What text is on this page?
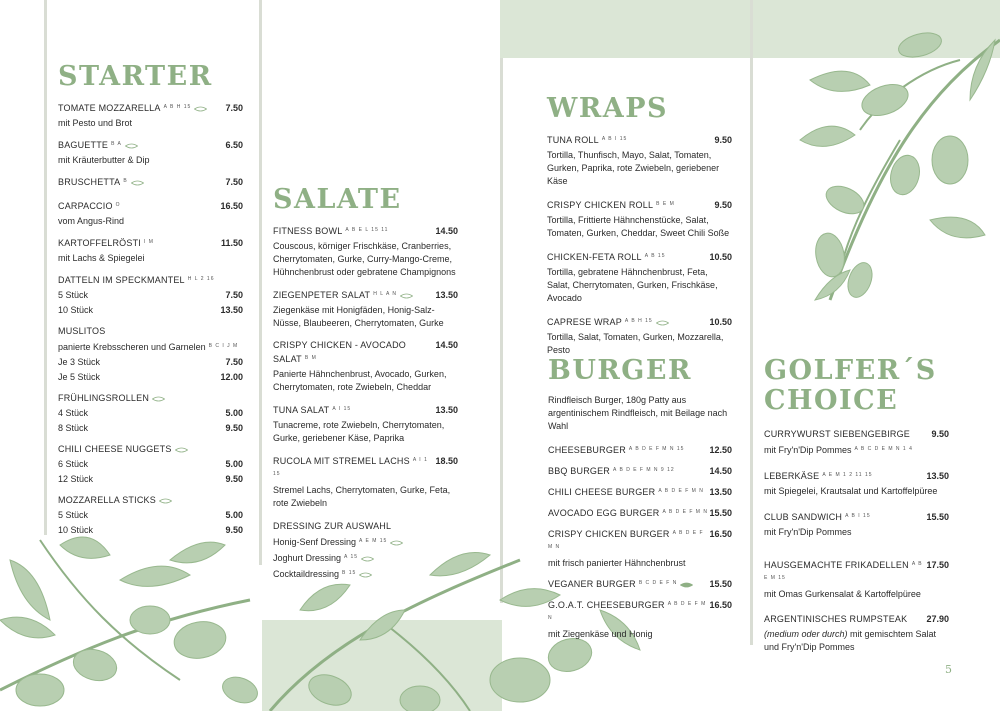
STARTER
TOMATE MOZZARELLA $^{A B H 15}$	7.50
mit Pesto und Brot
BAGUETTE $^{B A}$	6.50
mit Kräuterbutter & Dip
BRUSCHETTA $^B$	7.50
CARPACCIO $^O$	16.50
vom Angus-Rind
KARTOFFELRÖSTI $^{I M}$	11.50
mit Lachs & Spiegelei
DATTELN IM SPECKMANTEL $^{H L 2 16}$
5 Stück	7.50
10 Stück	13.50
MUSLITOS
panierte Krebsscheren und Garnelen $^{B C I J M}$
Je 3 Stück	7.50
Je 5 Stück	12.00
FRÜHLINGSROLLEN
4 Stück	5.00
8 Stück	9.50
CHILI CHEESE NUGGETS
6 Stück	5.00
12 Stück	9.50
MOZZARELLA STICKS
5 Stück	5.00
10 Stück	9.50
SALATE
FITNESS BOWL $^{A B E L 15 11}$	14.50
Couscous, körniger Frischkäse, Cranberries, Cherrytomaten, Gurke, Curry-Mango-Creme, Hühnchenbrust oder gebratene Champignons
ZIEGENPETER SALAT $^{H L A N}$	13.50
Ziegenkäse mit Honigfäden, Honig-Salz-Nüsse, Blaubeeren, Cherrytomaten, Gurke
CRISPY CHICKEN - AVOCADO SALAT $^{B M}$
14.50
Panierte Hähnchenbrust, Avocado, Gurken, Cherrytomaten, rote Zwiebeln, Cheddar
TUNA SALAT $^{A I 15}$	13.50
Tunacreme, rote Zwiebeln, Cherrytomaten, Gurke, geriebener Käse, Paprika
RUCOLA MIT STREMEL LACHS $^{A I 1 15}$
18.50
Stremel Lachs, Cherrytomaten, Gurke, Feta, rote Zwiebeln
DRESSING ZUR AUSWAHL
Honig-Senf Dressing $^{A E M 15}$
Joghurt Dressing $^{A 15}$
Cocktaildressing $^{B 15}$
WRAPS
TUNA ROLL $^{A B I 15}$	9.50
Tortilla, Thunfisch, Mayo, Salat, Tomaten, Gurken, Paprika, rote Zwiebeln, geriebener Käse
CRISPY CHICKEN ROLL $^{B E M}$	9.50
Tortilla, Frittierte Hähnchenstücke, Salat, Tomaten, Gurken, Cheddar, Sweet Chili Soße
CHICKEN-FETA ROLL $^{A B 15}$	10.50
Tortilla, gebratene Hähnchenbrust, Feta, Salat, Cherrytomaten, Gurken, Frischkäse, Avocado
CAPRESE WRAP $^{A B H 15}$	10.50
Tortilla, Salat, Tomaten, Gurken, Mozzarella, Pesto
BURGER
Rindfleisch Burger, 180g Patty aus argentinischem Rindfleisch, mit Beilage nach Wahl
CHEESEBURGER $^{A B D E F M N 15}$	12.50
BBQ BURGER $^{A B D E F M N 9 12}$	14.50
CHILI CHEESE BURGER $^{A B D E F M N}$ 13.50
AVOCADO EGG BURGER $^{A B D E F M N}$ 15.50
CRISPY CHICKEN BURGER $^{A B D E F M N}$
16.50
mit frisch panierter Hähnchenbrust
VEGANER BURGER $^{B C D E F N}$	15.50
G.O.A.T. CHEESEBURGER $^{A B D E F M N}$
16.50
mit Ziegenkäse und Honig
GOLFER´S
CHOICE
CURRYWURST SIEBENGEBIRGE 9.50
mit Fry'n'Dip Pommes $^{A B C D E M N 1 4}$
LEBERKÄSE $^{A E M 1 2 11 15}$	13.50
mit Spiegelei, Krautsalat und Kartoffelpüree
CLUB SANDWICH $^{A B I 15}$	15.50
mit Fry'n'Dip Pommes
HAUSGEMACHTE FRIKADELLEN $^{A B E M 15}$
17.50
mit Omas Gurkensalat & Kartoffelpüree
ARGENTINISCHES RUMPSTEAK 27.90
(medium oder durch) mit gemischtem Salat und Fry'n'Dip Pommes
5
